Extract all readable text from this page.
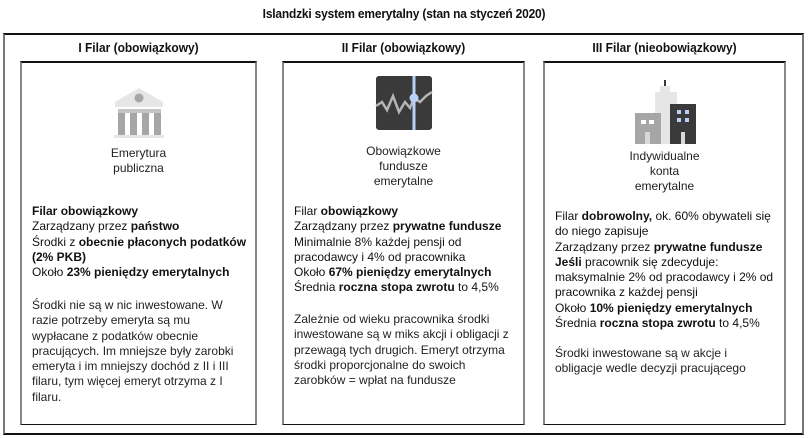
Islandzki system emerytalny (stan na styczeń 2020)
I Filar (obowiązkowy)	II Filar (obowiązkowy)	III Filar (nieobowiązkowy)
Emerytura
publiczna
Filar obowiązkowy
Zarządzany przez państwo
Środki z obecnie płaconych podatków (2% PKB)
Około 23% pieniędzy emerytalnych
Środki nie są w nic inwestowane. W razie potrzeby emeryta są mu wypłacane z podatków obecnie pracujących. Im mniejsze były zarobki emeryta i im mniejszy dochód z II i III filaru, tym więcej emeryt otrzyma z I filaru.
Obowiązkowe
fundusze
emerytalne
Filar obowiązkowy
Zarządzany przez prywatne fundusze
Minimalnie 8% każdej pensji od pracodawcy i 4% od pracownika
Około 67% pieniędzy emerytalnych
Średnia roczna stopa zwrotu to 4,5%
Zależnie od wieku pracownika środki inwestowane są w miks akcji i obligacji z przewagą tych drugich. Emeryt otrzyma środki proporcjonalne do swoich zarobków = wpłat na fundusze
Indywidualne
konta
emerytalne
Filar dobrowolny, ok. 60% obywateli się do niego zapisuje
Zarządzany przez prywatne fundusze
Jeśli pracownik się zdecyduje: maksymalnie 2% od pracodawcy i 2% od pracownika z każdej pensji
Około 10% pieniędzy emerytalnych
Średnia roczna stopa zwrotu to 4,5%
Środki inwestowane są w akcje i obligacje wedle decyzji pracującego
